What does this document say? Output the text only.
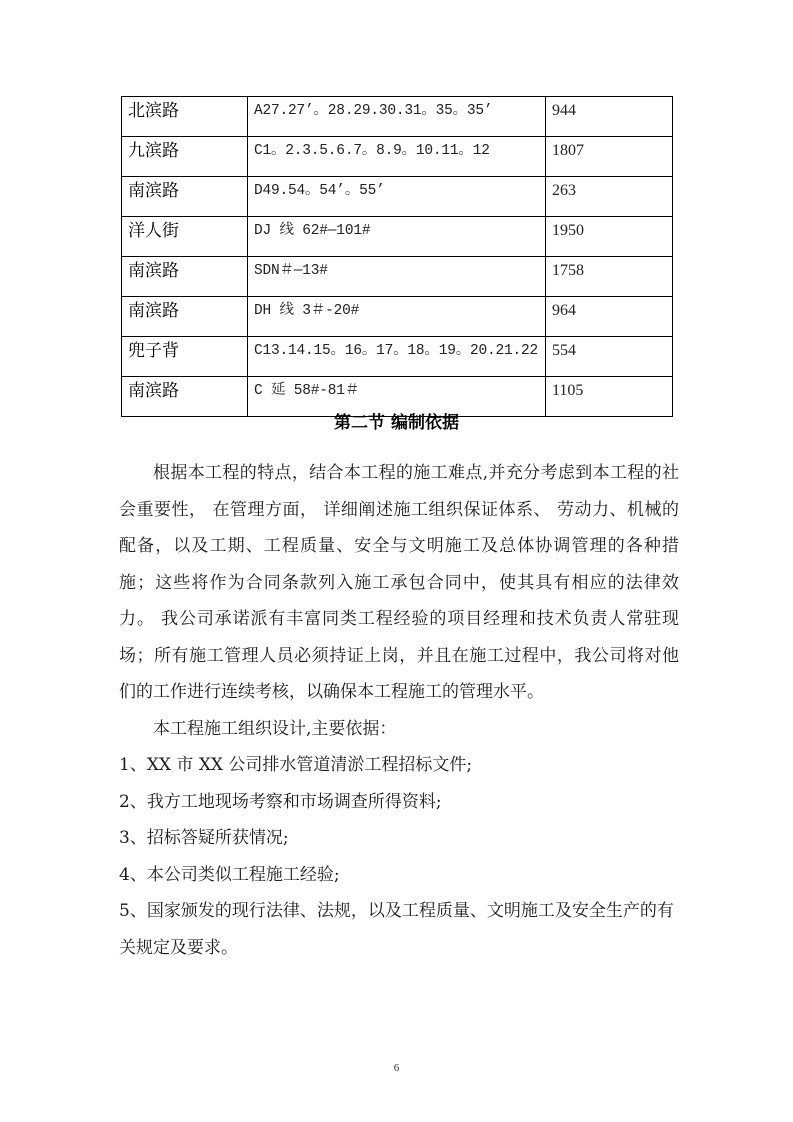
北滨路	A27.27’。28.29.30.31。35。35’	944
九滨路	C1。2.3.5.6.7。8.9。10.11。12	1807
南滨路	D49.54。54’。55’	263
洋人街	DJ 线 62#—101#	1950
南滨路	SDN＃—13#	1758
南滨路	DH 线 3＃-20#	964
兜子背	C13.14.15。16。17。18。19。20.21.22	554
南滨路	C 延 58#-81＃	1105
第二节 编制依据

根据本工程的特点，结合本工程的施工难点,并充分考虑到本工程的社会重要性， 在管理方面， 详细阐述施工组织保证体系、 劳动力、机械的配备，以及工期、工程质量、安全与文明施工及总体协调管理的各种措施；这些将作为合同条款列入施工承包合同中，使其具有相应的法律效力。 我公司承诺派有丰富同类工程经验的项目经理和技术负责人常驻现场；所有施工管理人员必须持证上岗，并且在施工过程中，我公司将对他们的工作进行连续考核，以确保本工程施工的管理水平。

本工程施工组织设计,主要依据：

1、XX 市 XX 公司排水管道清淤工程招标文件;

2、我方工地现场考察和市场调查所得资料;

3、招标答疑所获情况;

4、本公司类似工程施工经验;

5、国家颁发的现行法律、法规，以及工程质量、文明施工及安全生产的有关规定及要求。

6
